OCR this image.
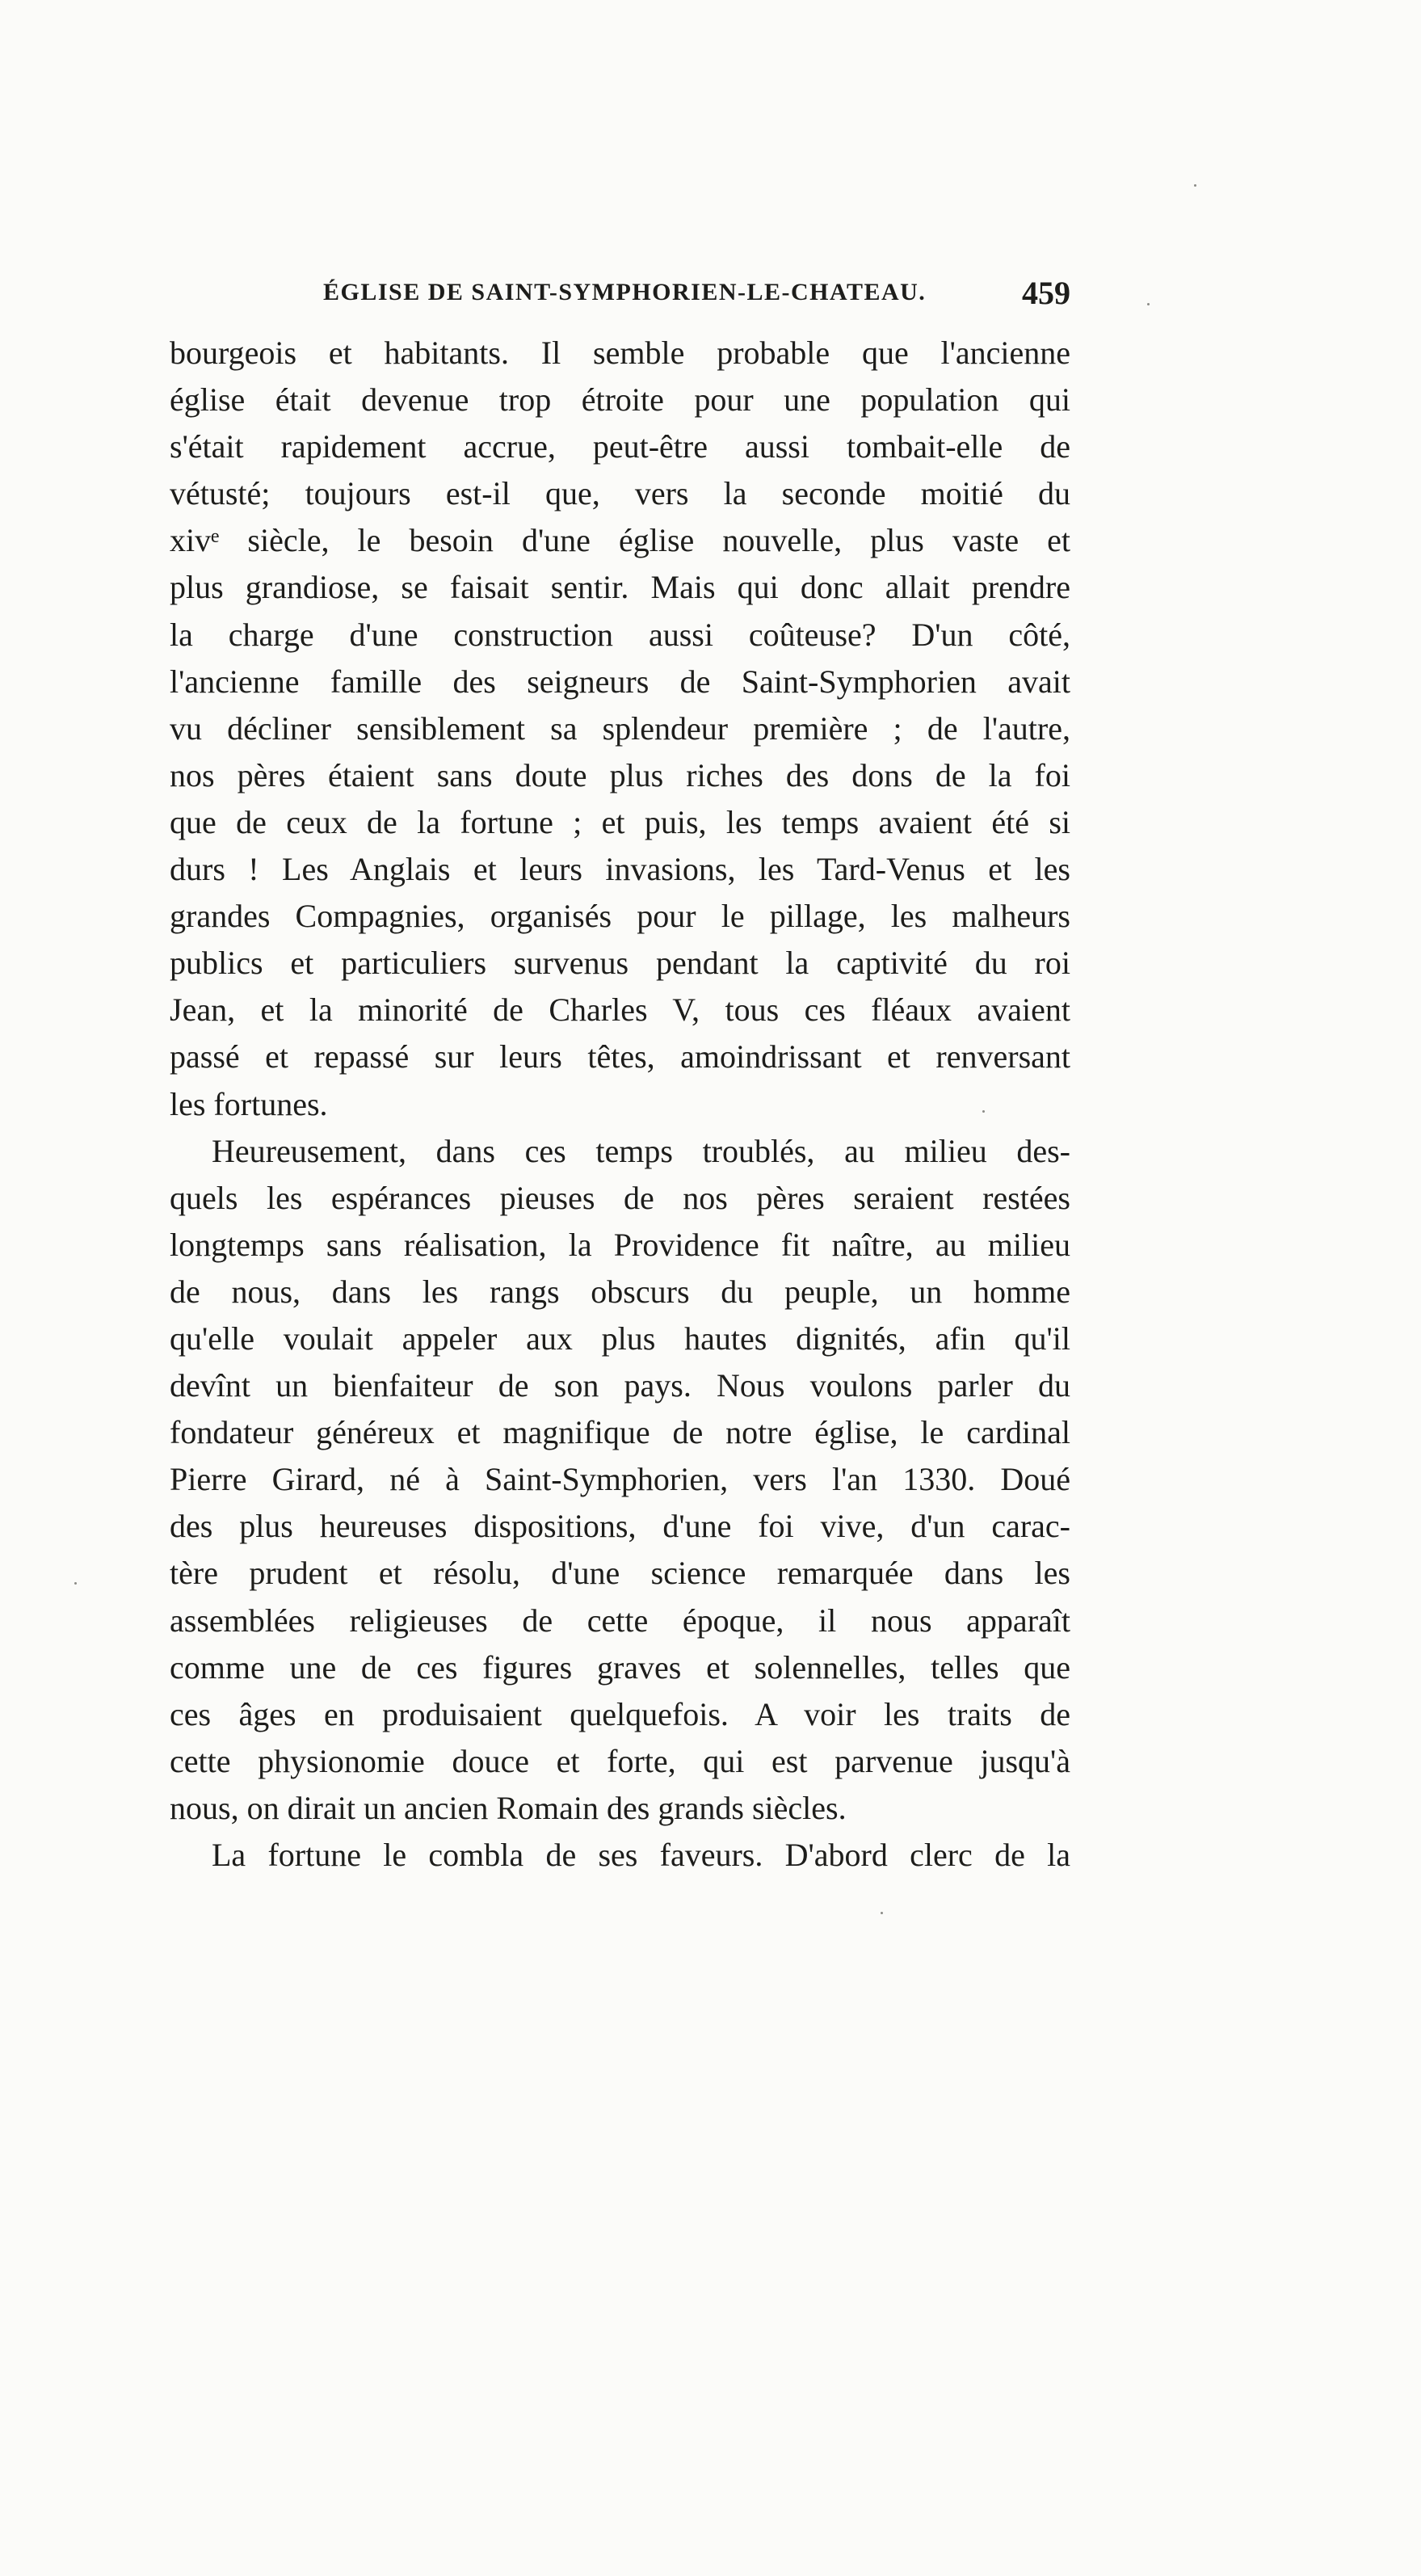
ÉGLISE DE SAINT-SYMPHORIEN-LE-CHATEAU.	459
bourgeois et habitants. Il semble probable que l'ancienne
église était devenue trop étroite pour une population qui
s'était rapidement accrue, peut-être aussi tombait-elle de
vétusté; toujours est-il que, vers la seconde moitié du
xivᵉ siècle, le besoin d'une église nouvelle, plus vaste et
plus grandiose, se faisait sentir. Mais qui donc allait prendre
la charge d'une construction aussi coûteuse? D'un côté,
l'ancienne famille des seigneurs de Saint-Symphorien avait
vu décliner sensiblement sa splendeur première ; de l'autre,
nos pères étaient sans doute plus riches des dons de la foi
que de ceux de la fortune ; et puis, les temps avaient été si
durs ! Les Anglais et leurs invasions, les Tard-Venus et les
grandes Compagnies, organisés pour le pillage, les malheurs
publics et particuliers survenus pendant la captivité du roi
Jean, et la minorité de Charles V, tous ces fléaux avaient
passé et repassé sur leurs têtes, amoindrissant et renversant
les fortunes.
Heureusement, dans ces temps troublés, au milieu des-
quels les espérances pieuses de nos pères seraient restées
longtemps sans réalisation, la Providence fit naître, au milieu
de nous, dans les rangs obscurs du peuple, un homme
qu'elle voulait appeler aux plus hautes dignités, afin qu'il
devînt un bienfaiteur de son pays. Nous voulons parler du
fondateur généreux et magnifique de notre église, le cardinal
Pierre Girard, né à Saint-Symphorien, vers l'an 1330. Doué
des plus heureuses dispositions, d'une foi vive, d'un carac-
tère prudent et résolu, d'une science remarquée dans les
assemblées religieuses de cette époque, il nous apparaît
comme une de ces figures graves et solennelles, telles que
ces âges en produisaient quelquefois. A voir les traits de
cette physionomie douce et forte, qui est parvenue jusqu'à
nous, on dirait un ancien Romain des grands siècles.
La fortune le combla de ses faveurs. D'abord clerc de la
